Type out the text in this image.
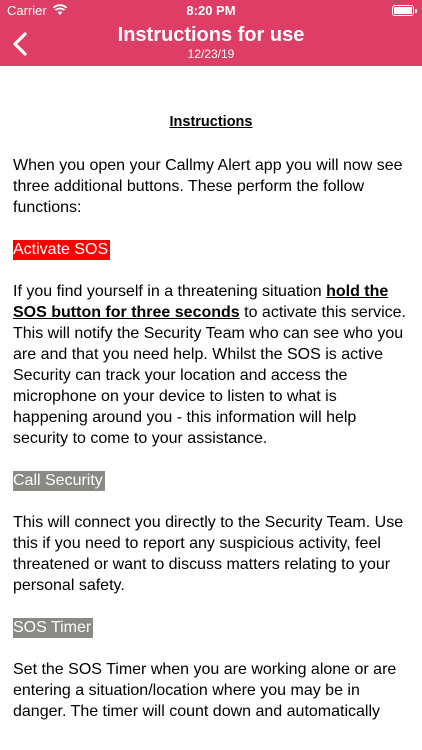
Carrier	8:20 PM
Instructions for use
12/23/19
Instructions

When you open your Callmy Alert app you will now see three additional buttons. These perform the follow functions:

Activate SOS

If you find yourself in a threatening situation hold the SOS button for three seconds to activate this service. This will notify the Security Team who can see who you are and that you need help. Whilst the SOS is active Security can track your location and access the microphone on your device to listen to what is happening around you - this information will help security to come to your assistance.

Call Security

This will connect you directly to the Security Team. Use this if you need to report any suspicious activity, feel threatened or want to discuss matters relating to your personal safety.

SOS Timer

Set the SOS Timer when you are working alone or are entering a situation/location where you may be in danger. The timer will count down and automatically
